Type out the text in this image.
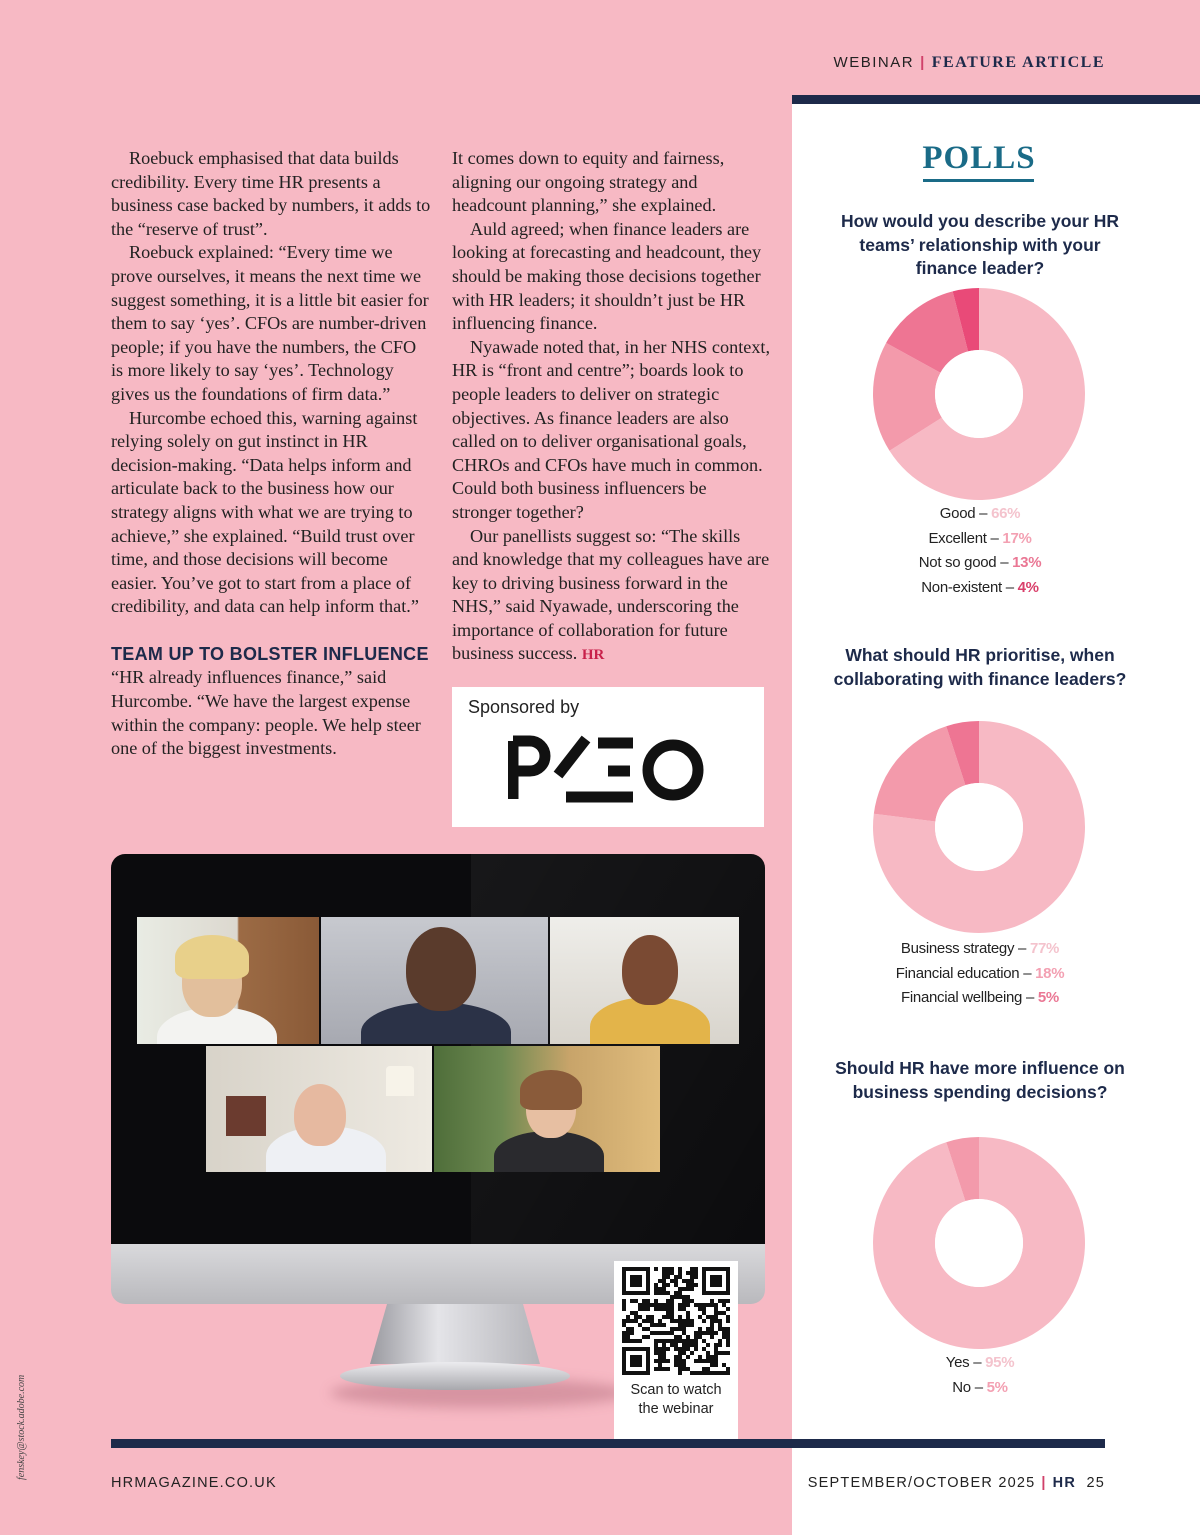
WEBINAR | FEATURE ARTICLE

Roebuck emphasised that data builds credibility. Every time HR presents a business case backed by numbers, it adds to the “reserve of trust”.

Roebuck explained: “Every time we prove ourselves, it means the next time we suggest something, it is a little bit easier for them to say ‘yes’. CFOs are number-driven people; if you have the numbers, the CFO is more likely to say ‘yes’. Technology gives us the foundations of firm data.”

Hurcombe echoed this, warning against relying solely on gut instinct in HR decision-making. “Data helps inform and articulate back to the business how our strategy aligns with what we are trying to achieve,” she explained. “Build trust over time, and those decisions will become easier. You’ve got to start from a place of credibility, and data can help inform that.”

TEAM UP TO BOLSTER INFLUENCE

“HR already influences finance,” said Hurcombe. “We have the largest expense within the company: people. We help steer one of the biggest investments.

It comes down to equity and fairness, aligning our ongoing strategy and headcount planning,” she explained.

Auld agreed; when finance leaders are looking at forecasting and headcount, they should be making those decisions together with HR leaders; it shouldn’t just be HR influencing finance.

Nyawade noted that, in her NHS context, HR is “front and centre”; boards look to people leaders to deliver on strategic objectives. As finance leaders are also called on to deliver organisational goals, CHROs and CFOs have much in common. Could both business influencers be stronger together?

Our panellists suggest so: “The skills and knowledge that my colleagues have are key to driving business forward in the NHS,” said Nyawade, underscoring the importance of collaboration for future business success. HR

Sponsored by
Scan to watch
the webinar
POLLS
How would you describe your HR teams’ relationship with your finance leader?
Good – 66%
Excellent – 17%
Not so good – 13%
Non-existent – 4%
What should HR prioritise, when collaborating with finance leaders?
Business strategy – 77%
Financial education – 18%
Financial wellbeing – 5%
Should HR have more influence on business spending decisions?
Yes – 95%
No – 5%
HRMAGAZINE.CO.UK	SEPTEMBER/OCTOBER 2025 | HR 25
fenskey@stock.adobe.com
